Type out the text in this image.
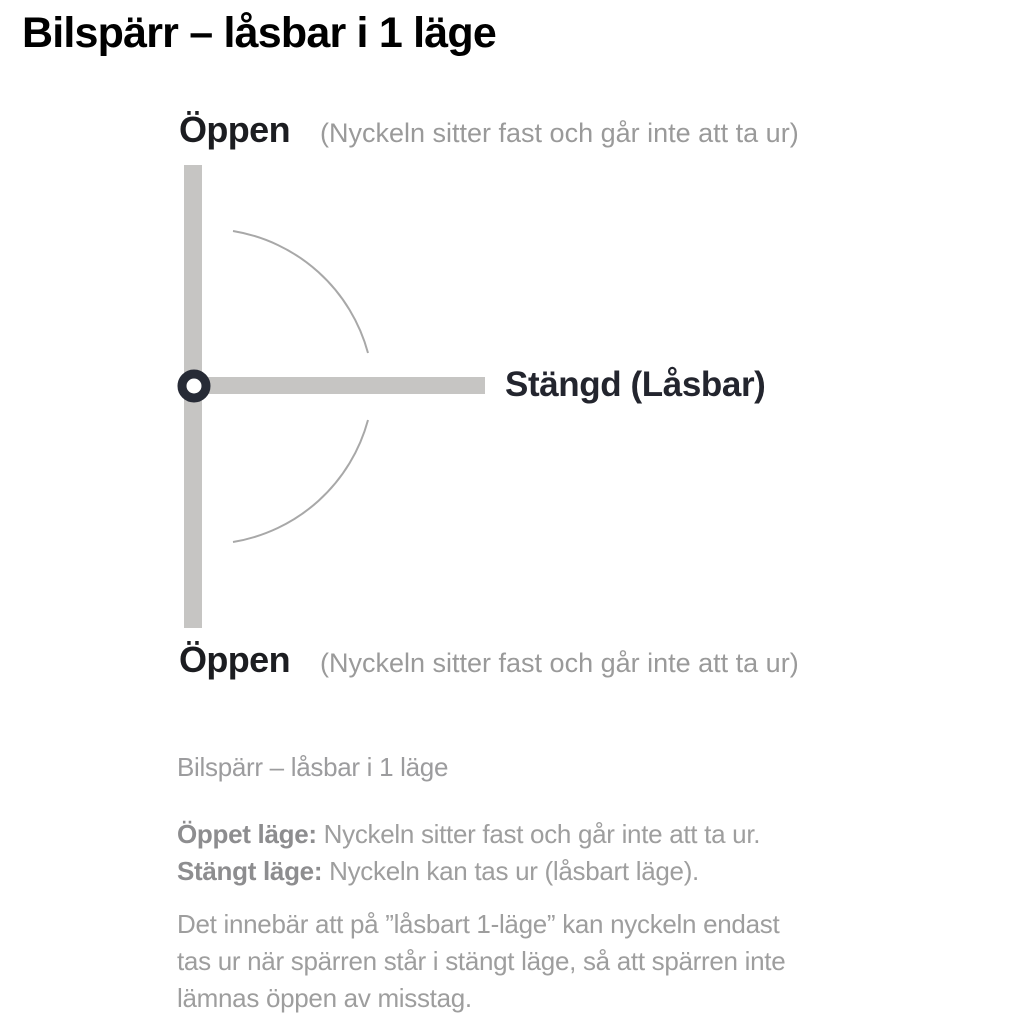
Bilspärr – låsbar i 1 läge
Öppen (Nyckeln sitter fast och går inte att ta ur)
Stängd (Låsbar)
Öppen (Nyckeln sitter fast och går inte att ta ur)
Bilspärr – låsbar i 1 läge
Öppet läge: Nyckeln sitter fast och går inte att ta ur.
Stängt läge: Nyckeln kan tas ur (låsbart läge).
Det innebär att på ”låsbart 1-läge” kan nyckeln endast
tas ur när spärren står i stängt läge, så att spärren inte
lämnas öppen av misstag.
